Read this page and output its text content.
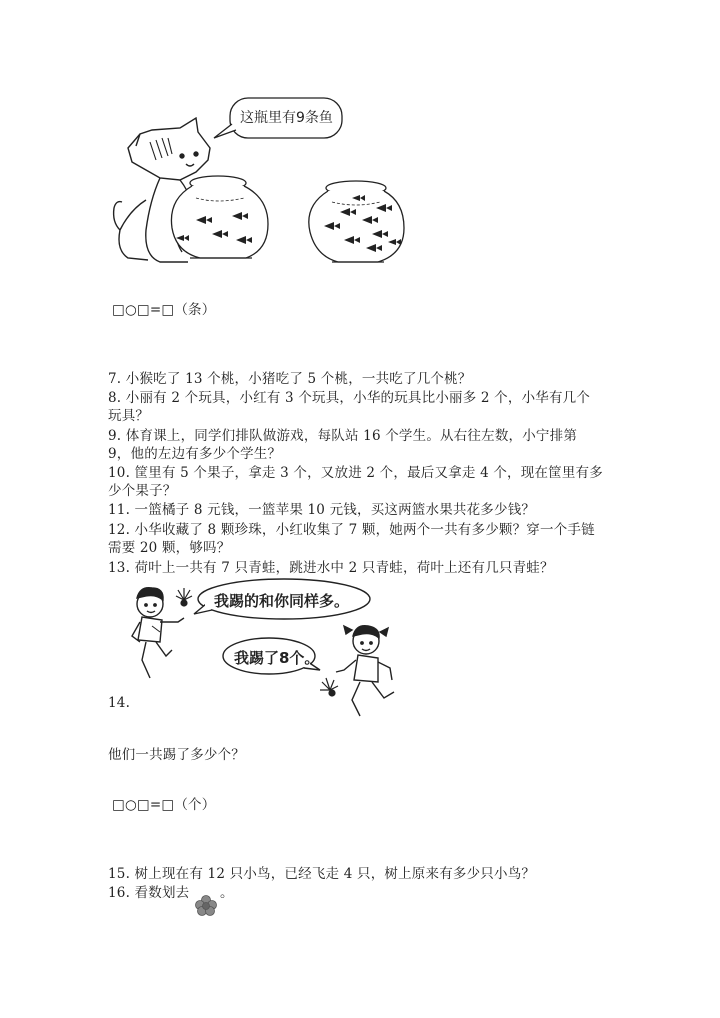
这瓶里有9条鱼
□○□=□（条）
7. 小猴吃了 13 个桃，小猪吃了 5 个桃，一共吃了几个桃？
8. 小丽有 2 个玩具，小红有 3 个玩具，小华的玩具比小丽多 2 个，小华有几个
玩具？
9. 体育课上，同学们排队做游戏，每队站 16 个学生。从右往左数，小宁排第
9，他的左边有多少个学生？
10. 筐里有 5 个果子，拿走 3 个，又放进 2 个，最后又拿走 4 个，现在筐里有多
少个果子？
11. 一篮橘子 8 元钱，一篮苹果 10 元钱，买这两篮水果共花多少钱？
12. 小华收藏了 8 颗珍珠，小红收集了 7 颗，她两个一共有多少颗？穿一个手链
需要 20 颗，够吗？
13. 荷叶上一共有 7 只青蛙，跳进水中 2 只青蛙，荷叶上还有几只青蛙？
我踢的和你同样多。
我踢了8个。
14.
他们一共踢了多少个？
□○□=□（个）
15. 树上现在有 12 只小鸟，已经飞走 4 只，树上原来有多少只小鸟？
16. 看数划去 。
